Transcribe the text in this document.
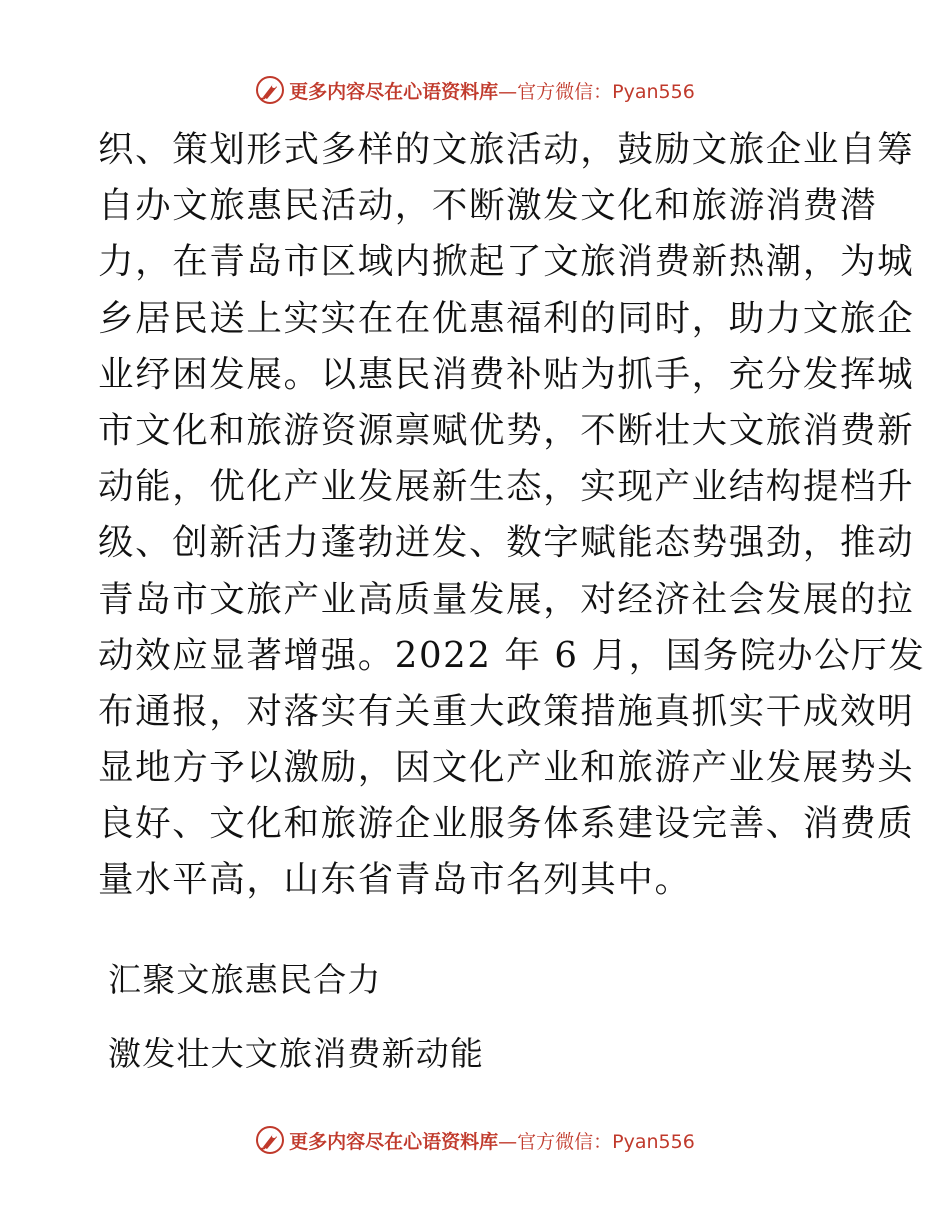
更多内容尽在心语资料库—官方微信：Pyan556
织、策划形式多样的文旅活动，鼓励文旅企业自筹
自办文旅惠民活动，不断激发文化和旅游消费潜
力，在青岛市区域内掀起了文旅消费新热潮，为城
乡居民送上实实在在优惠福利的同时，助力文旅企
业纾困发展。以惠民消费补贴为抓手，充分发挥城
市文化和旅游资源禀赋优势，不断壮大文旅消费新
动能，优化产业发展新生态，实现产业结构提档升
级、创新活力蓬勃迸发、数字赋能态势强劲，推动
青岛市文旅产业高质量发展，对经济社会发展的拉
动效应显著增强。2022 年 6 月，国务院办公厅发
布通报，对落实有关重大政策措施真抓实干成效明
显地方予以激励，因文化产业和旅游产业发展势头
良好、文化和旅游企业服务体系建设完善、消费质
量水平高，山东省青岛市名列其中。
汇聚文旅惠民合力
激发壮大文旅消费新动能
更多内容尽在心语资料库—官方微信：Pyan556
